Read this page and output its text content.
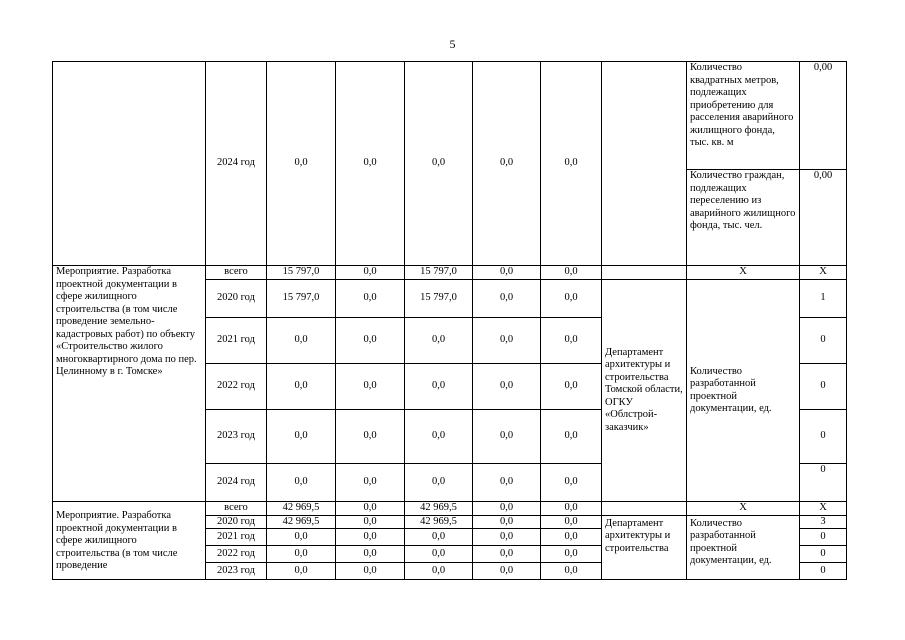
5
	2024 год	0,0	0,0	0,0	0,0	0,0		Количество квадратных метров, подлежащих приобретению для расселения аварийного жилищного фонда, тыс. кв. м	0,00
								Количество граждан, подлежащих переселению из аварийного жилищного фонда, тыс. чел.	0,00
Мероприятие. Разработка проектной документации в сфере жилищного строительства (в том числе проведение земельно-кадастровых работ) по объекту «Строительство жилого многоквартирного дома по пер. Целинному в г. Томске»	всего	15 797,0	0,0	15 797,0	0,0	0,0		Х	Х
	2020 год	15 797,0	0,0	15 797,0	0,0	0,0	Департамент архитектуры и строительства Томской области, ОГКУ «Облстрой-заказчик»	Количество разработанной проектной документации, ед.	1
	2021 год	0,0	0,0	0,0	0,0	0,0			0
	2022 год	0,0	0,0	0,0	0,0	0,0			0
	2023 год	0,0	0,0	0,0	0,0	0,0			0
	2024 год	0,0	0,0	0,0	0,0	0,0			0
Мероприятие. Разработка проектной документации в сфере жилищного строительства (в том числе проведение	всего	42 969,5	0,0	42 969,5	0,0	0,0		Х	Х
	2020 год	42 969,5	0,0	42 969,5	0,0	0,0	Департамент архитектуры и строительства	Количество разработанной проектной документации, ед.	3
	2021 год	0,0	0,0	0,0	0,0	0,0			0
	2022 год	0,0	0,0	0,0	0,0	0,0			0
	2023 год	0,0	0,0	0,0	0,0	0,0			0
